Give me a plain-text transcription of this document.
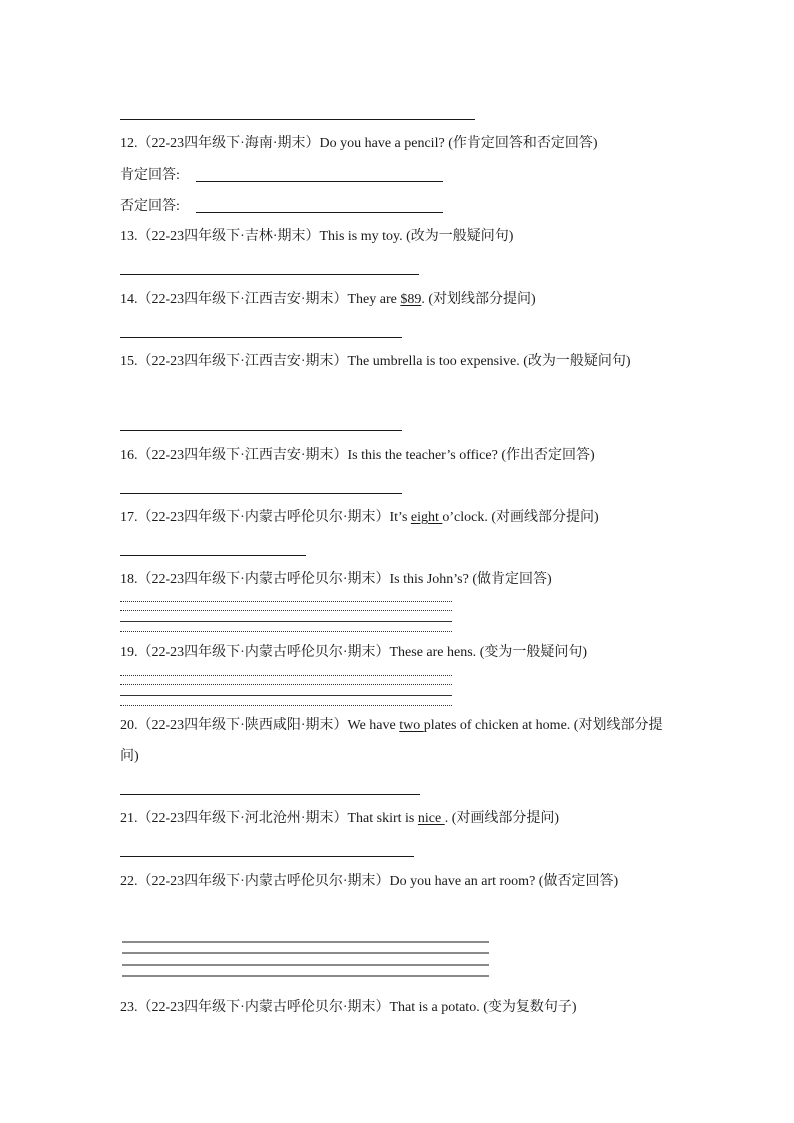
12.（22-23四年级下·海南·期末）Do you have a pencil? (作肯定回答和否定回答)
肯定回答:
否定回答:
13.（22-23四年级下·吉林·期末）This is my toy. (改为一般疑问句)
14.（22-23四年级下·江西吉安·期末）They are $89. (对划线部分提问)
15.（22-23四年级下·江西吉安·期末）The umbrella is too expensive. (改为一般疑问句)
16.（22-23四年级下·江西吉安·期末）Is this the teacher’s office? (作出否定回答)
17.（22-23四年级下·内蒙古呼伦贝尔·期末）It’s eight o’clock. (对画线部分提问)
18.（22-23四年级下·内蒙古呼伦贝尔·期末）Is this John’s? (做肯定回答)
19.（22-23四年级下·内蒙古呼伦贝尔·期末）These are hens. (变为一般疑问句)
20.（22-23四年级下·陕西咸阳·期末）We have two plates of chicken at home. (对划线部分提问)
21.（22-23四年级下·河北沧州·期末）That skirt is nice . (对画线部分提问)
22.（22-23四年级下·内蒙古呼伦贝尔·期末）Do you have an art room? (做否定回答)
23.（22-23四年级下·内蒙古呼伦贝尔·期末）That is a potato. (变为复数句子)
